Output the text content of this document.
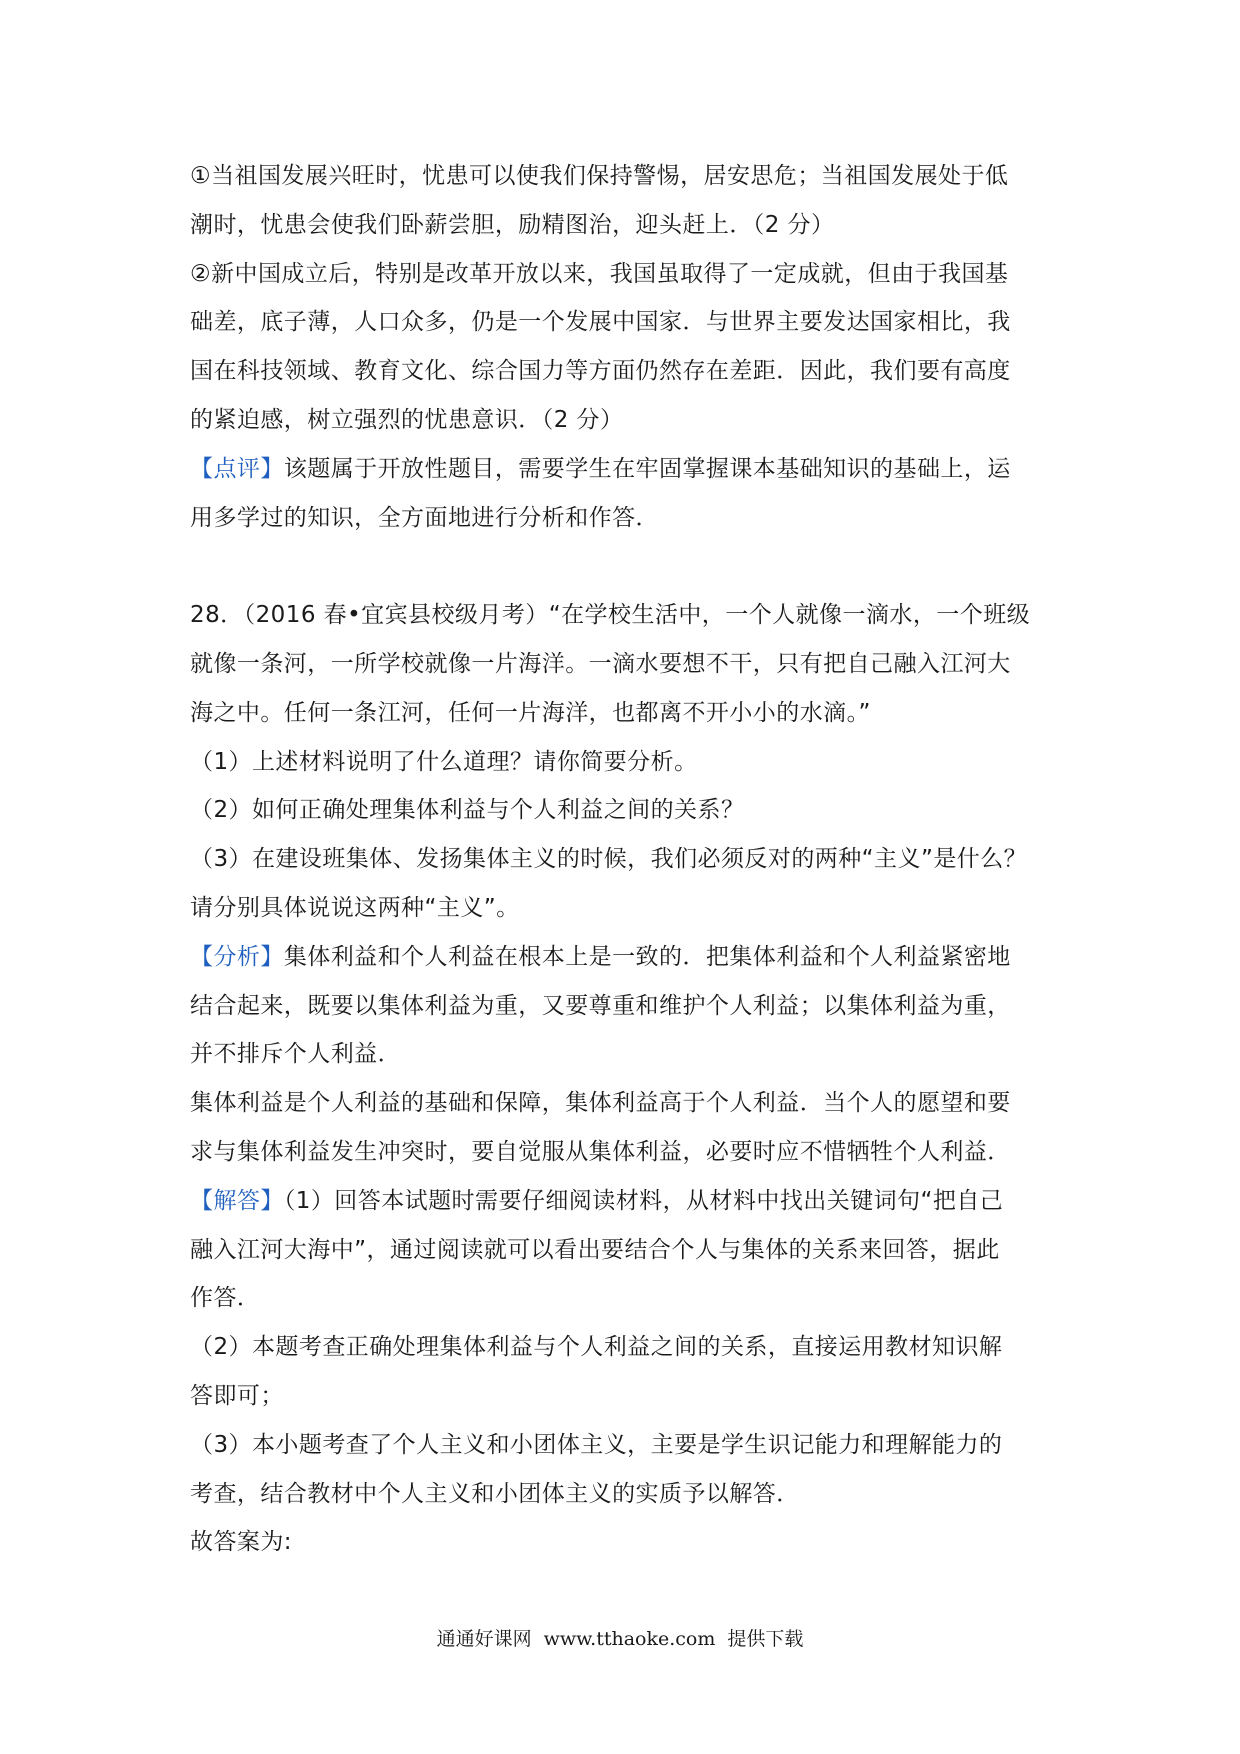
①当祖国发展兴旺时，忧患可以使我们保持警惕，居安思危；当祖国发展处于低
潮时，忧患会使我们卧薪尝胆，励精图治，迎头赶上．（2 分）
②新中国成立后，特别是改革开放以来，我国虽取得了一定成就，但由于我国基
础差，底子薄，人口众多，仍是一个发展中国家．与世界主要发达国家相比，我
国在科技领域、教育文化、综合国力等方面仍然存在差距．因此，我们要有高度
的紧迫感，树立强烈的忧患意识．（2 分）
【点评】该题属于开放性题目，需要学生在牢固掌握课本基础知识的基础上，运
用多学过的知识，全方面地进行分析和作答．
28．（2016 春•宜宾县校级月考）“在学校生活中，一个人就像一滴水，一个班级
就像一条河，一所学校就像一片海洋。一滴水要想不干，只有把自己融入江河大
海之中。任何一条江河，任何一片海洋，也都离不开小小的水滴。”
（1）上述材料说明了什么道理？请你简要分析。
（2）如何正确处理集体利益与个人利益之间的关系？
（3）在建设班集体、发扬集体主义的时候，我们必须反对的两种“主义”是什么？
请分别具体说说这两种“主义”。
【分析】集体利益和个人利益在根本上是一致的．把集体利益和个人利益紧密地
结合起来，既要以集体利益为重，又要尊重和维护个人利益；以集体利益为重，
并不排斥个人利益．
集体利益是个人利益的基础和保障，集体利益高于个人利益．当个人的愿望和要
求与集体利益发生冲突时，要自觉服从集体利益，必要时应不惜牺牲个人利益．
【解答】（1）回答本试题时需要仔细阅读材料，从材料中找出关键词句“把自己
融入江河大海中”，通过阅读就可以看出要结合个人与集体的关系来回答，据此
作答．
（2）本题考查正确处理集体利益与个人利益之间的关系，直接运用教材知识解
答即可；
（3）本小题考查了个人主义和小团体主义，主要是学生识记能力和理解能力的
考查，结合教材中个人主义和小团体主义的实质予以解答．
故答案为:
通通好课网 www.tthaoke.com 提供下载
